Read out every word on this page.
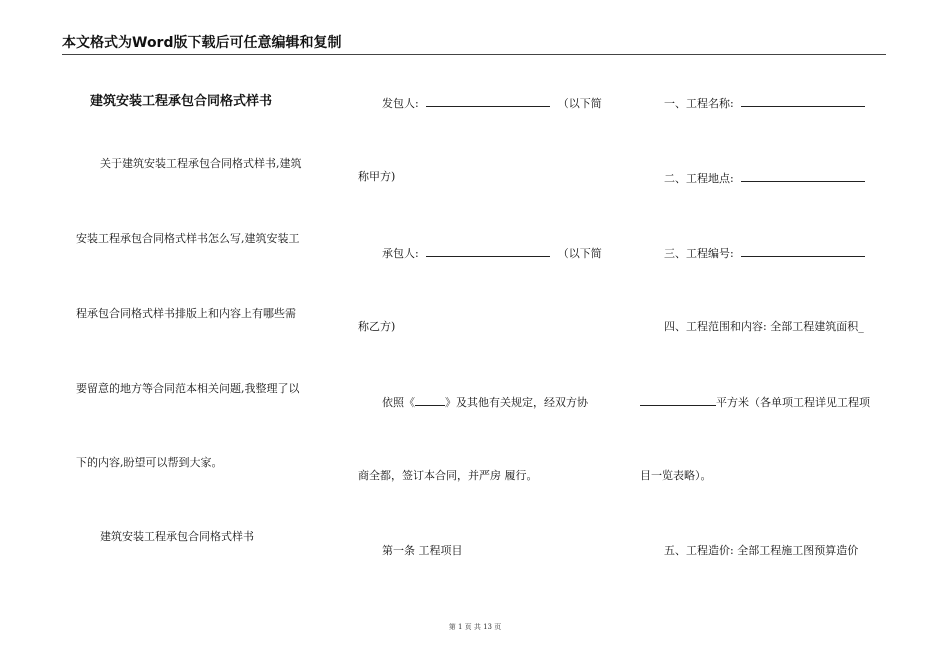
本文格式为Word版下载后可任意编辑和复制
建筑安装工程承包合同格式样书
关于建筑安装工程承包合同格式样书,建筑
安装工程承包合同格式样书怎么写,建筑安装工
程承包合同格式样书排版上和内容上有哪些需
要留意的地方等合同范本相关问题,我整理了以
下的内容,盼望可以帮到大家。
建筑安装工程承包合同格式样书
发包人:	（以下简
称甲方)
承包人:	（以下简
称乙方)
依照《	》及其他有关规定，经双方协
商全都，签订本合同，并严房 履行。
第一条 工程项目
一、工程名称:
二、工程地点:
三、工程编号:
四、工程范围和内容: 全部工程建筑面积_
平方米（各单项工程详见工程项
目一览表略）。
五、工程造价: 全部工程施工图预算造价
第 1 页 共 13 页
